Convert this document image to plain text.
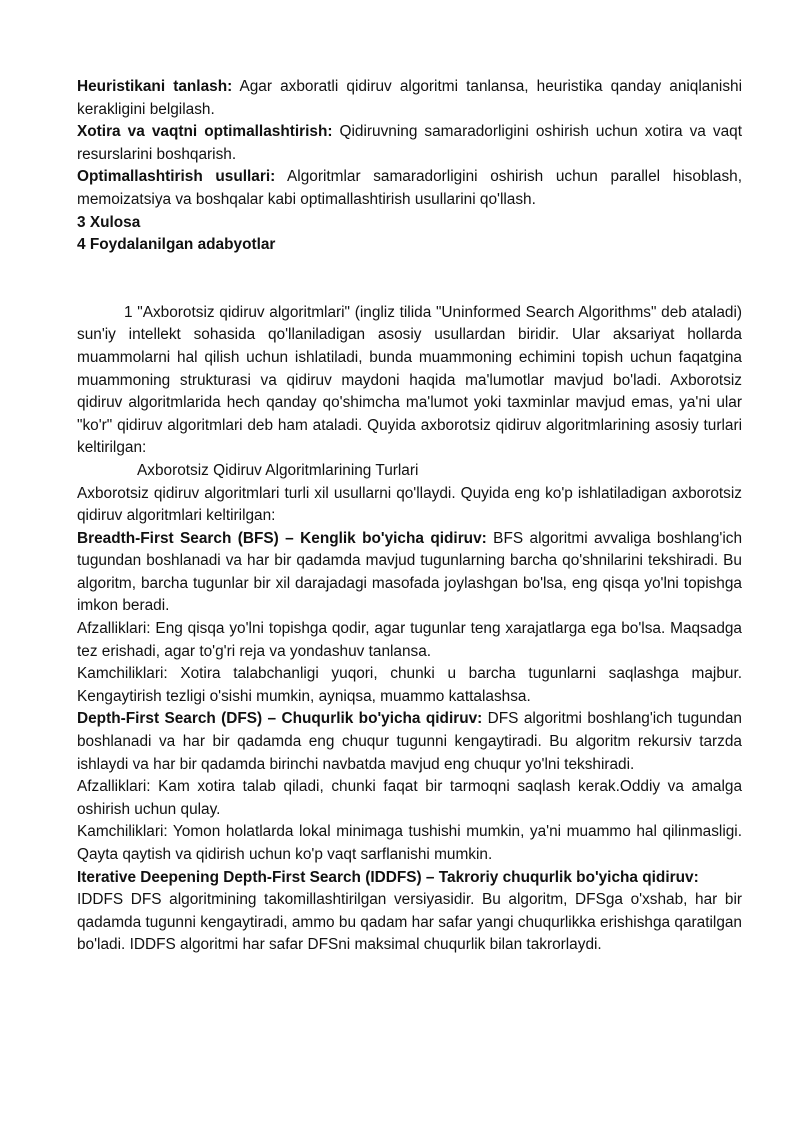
Heuristikani tanlash: Agar axboratli qidiruv algoritmi tanlansa, heuristika qanday aniqlanishi kerakligini belgilash.

Xotira va vaqtni optimallashtirish: Qidiruvning samaradorligini oshirish uchun xotira va vaqt resurslarini boshqarish.

Optimallashtirish usullari: Algoritmlar samaradorligini oshirish uchun parallel hisoblash, memoizatsiya va boshqalar kabi optimallashtirish usullarini qo'llash.

3 Xulosa

4 Foydalanilgan adabyotlar

1 "Axborotsiz qidiruv algoritmlari" (ingliz tilida "Uninformed Search Algorithms" deb ataladi) sun'iy intellekt sohasida qo'llaniladigan asosiy usullardan biridir. Ular aksariyat hollarda muammolarni hal qilish uchun ishlatiladi, bunda muammoning echimini topish uchun faqatgina muammoning strukturasi va qidiruv maydoni haqida ma'lumotlar mavjud bo'ladi. Axborotsiz qidiruv algoritmlarida hech qanday qo'shimcha ma'lumot yoki taxminlar mavjud emas, ya'ni ular "ko'r" qidiruv algoritmlari deb ham ataladi. Quyida axborotsiz qidiruv algoritmlarining asosiy turlari keltirilgan:

Axborotsiz Qidiruv Algoritmlarining Turlari

Axborotsiz qidiruv algoritmlari turli xil usullarni qo'llaydi. Quyida eng ko'p ishlatiladigan axborotsiz qidiruv algoritmlari keltirilgan:

Breadth-First Search (BFS) – Kenglik bo'yicha qidiruv: BFS algoritmi avvaliga boshlang'ich tugundan boshlanadi va har bir qadamda mavjud tugunlarning barcha qo'shnilarini tekshiradi. Bu algoritm, barcha tugunlar bir xil darajadagi masofada joylashgan bo'lsa, eng qisqa yo'lni topishga imkon beradi.

Afzalliklari: Eng qisqa yo'lni topishga qodir, agar tugunlar teng xarajatlarga ega bo'lsa. Maqsadga tez erishadi, agar to'g'ri reja va yondashuv tanlansa.

Kamchiliklari: Xotira talabchanligi yuqori, chunki u barcha tugunlarni saqlashga majbur. Kengaytirish tezligi o'sishi mumkin, ayniqsa, muammo kattalashsa.

Depth-First Search (DFS) – Chuqurlik bo'yicha qidiruv: DFS algoritmi boshlang'ich tugundan boshlanadi va har bir qadamda eng chuqur tugunni kengaytiradi. Bu algoritm rekursiv tarzda ishlaydi va har bir qadamda birinchi navbatda mavjud eng chuqur yo'lni tekshiradi.

Afzalliklari: Kam xotira talab qiladi, chunki faqat bir tarmoqni saqlash kerak.Oddiy va amalga oshirish uchun qulay.

Kamchiliklari: Yomon holatlarda lokal minimaga tushishi mumkin, ya'ni muammo hal qilinmasligi. Qayta qaytish va qidirish uchun ko'p vaqt sarflanishi mumkin.

Iterative Deepening Depth-First Search (IDDFS) – Takroriy chuqurlik bo'yicha qidiruv:

IDDFS DFS algoritmining takomillashtirilgan versiyasidir. Bu algoritm, DFSga o'xshab, har bir qadamda tugunni kengaytiradi, ammo bu qadam har safar yangi chuqurlikka erishishga qaratilgan bo'ladi. IDDFS algoritmi har safar DFSni maksimal chuqurlik bilan takrorlaydi.
